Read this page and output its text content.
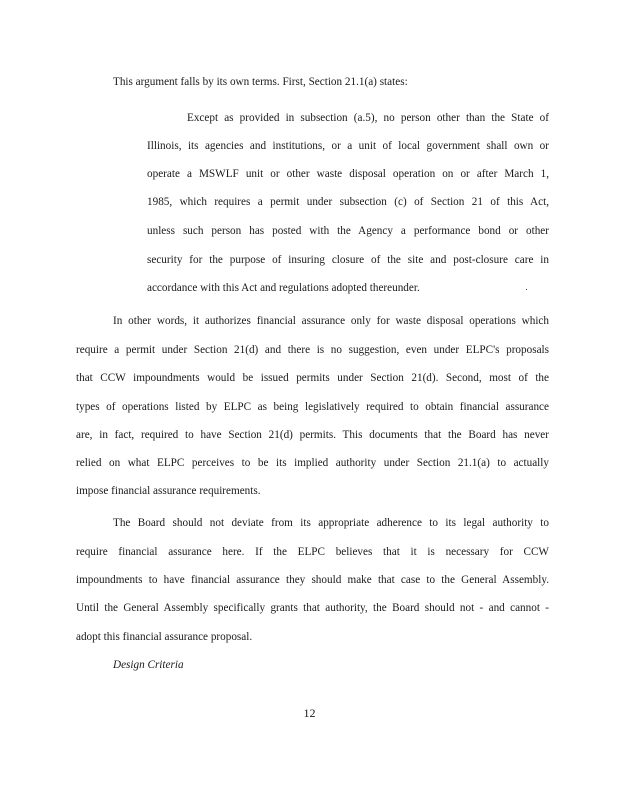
This argument falls by its own terms. First, Section 21.1(a) states:
Except as provided in subsection (a.5), no person other than the State of
Illinois, its agencies and institutions, or a unit of local government shall own or
operate a MSWLF unit or other waste disposal operation on or after March 1,
1985, which requires a permit under subsection (c) of Section 21 of this Act,
unless such person has posted with the Agency a performance bond or other
security for the purpose of insuring closure of the site and post-closure care in
accordance with this Act and regulations adopted thereunder.
In other words, it authorizes financial assurance only for waste disposal operations which
require a permit under Section 21(d) and there is no suggestion, even under ELPC's proposals
that CCW impoundments would be issued permits under Section 21(d). Second, most of the
types of operations listed by ELPC as being legislatively required to obtain financial assurance
are, in fact, required to have Section 21(d) permits. This documents that the Board has never
relied on what ELPC perceives to be its implied authority under Section 21.1(a) to actually
impose financial assurance requirements.
The Board should not deviate from its appropriate adherence to its legal authority to
require financial assurance here. If the ELPC believes that it is necessary for CCW
impoundments to have financial assurance they should make that case to the General Assembly.
Until the General Assembly specifically grants that authority, the Board should not - and cannot -
adopt this financial assurance proposal.
Design Criteria
12
